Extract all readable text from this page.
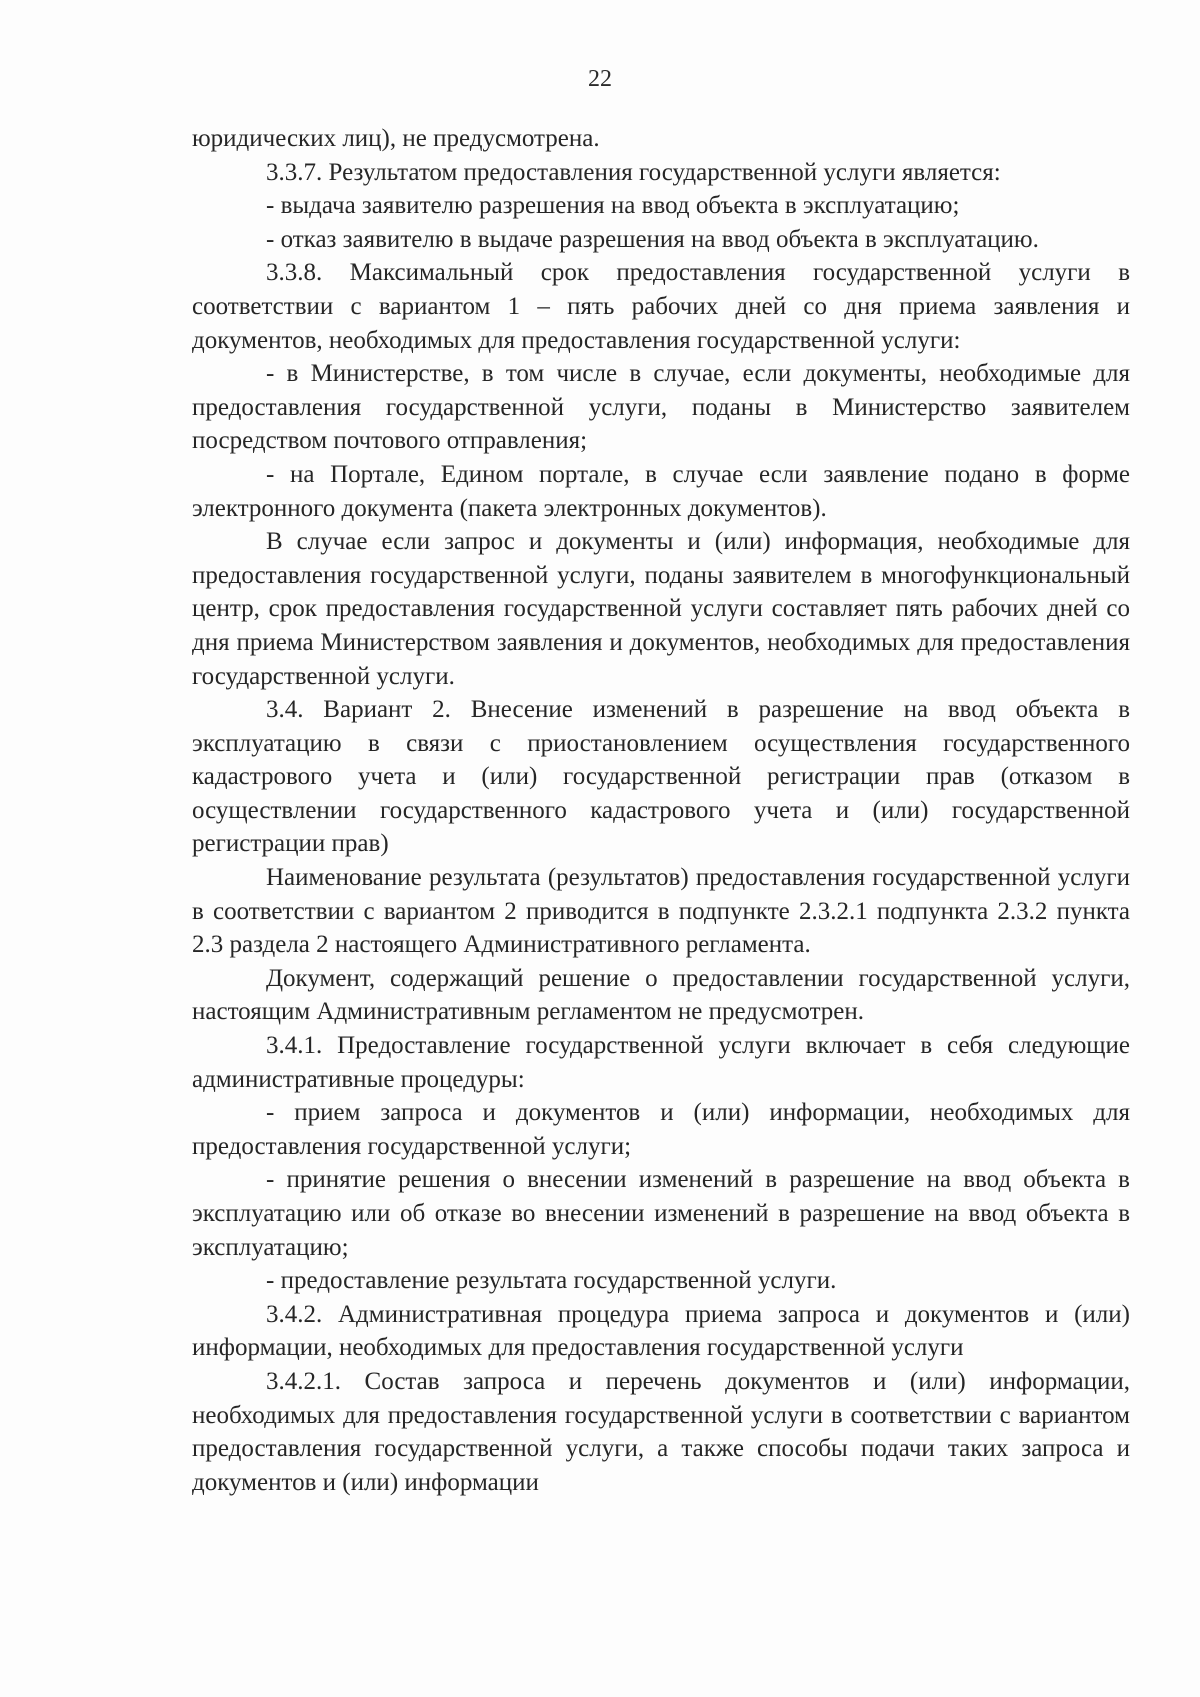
22

юридических лиц), не предусмотрена.

3.3.7. Результатом предоставления государственной услуги является:

- выдача заявителю разрешения на ввод объекта в эксплуатацию;

- отказ заявителю в выдаче разрешения на ввод объекта в эксплуатацию.

3.3.8. Максимальный срок предоставления государственной услуги в соответствии с вариантом 1 – пять рабочих дней со дня приема заявления и документов, необходимых для предоставления государственной услуги:

- в Министерстве, в том числе в случае, если документы, необходимые для предоставления государственной услуги, поданы в Министерство заявителем посредством почтового отправления;

- на Портале, Едином портале, в случае если заявление подано в форме электронного документа (пакета электронных документов).

В случае если запрос и документы и (или) информация, необходимые для предоставления государственной услуги, поданы заявителем в многофункциональный центр, срок предоставления государственной услуги составляет пять рабочих дней со дня приема Министерством заявления и документов, необходимых для предоставления государственной услуги.

3.4. Вариант 2. Внесение изменений в разрешение на ввод объекта в эксплуатацию в связи с приостановлением осуществления государственного кадастрового учета и (или) государственной регистрации прав (отказом в осуществлении государственного кадастрового учета и (или) государственной регистрации прав)

Наименование результата (результатов) предоставления государственной услуги в соответствии с вариантом 2 приводится в подпункте 2.3.2.1 подпункта 2.3.2 пункта 2.3 раздела 2 настоящего Административного регламента.

Документ, содержащий решение о предоставлении государственной услуги, настоящим Административным регламентом не предусмотрен.

3.4.1. Предоставление государственной услуги включает в себя следующие административные процедуры:

- прием запроса и документов и (или) информации, необходимых для предоставления государственной услуги;

- принятие решения о внесении изменений в разрешение на ввод объекта в эксплуатацию или об отказе во внесении изменений в разрешение на ввод объекта в эксплуатацию;

- предоставление результата государственной услуги.

3.4.2. Административная процедура приема запроса и документов и (или) информации, необходимых для предоставления государственной услуги

3.4.2.1. Состав запроса и перечень документов и (или) информации, необходимых для предоставления государственной услуги в соответствии с вариантом предоставления государственной услуги, а также способы подачи таких запроса и документов и (или) информации
